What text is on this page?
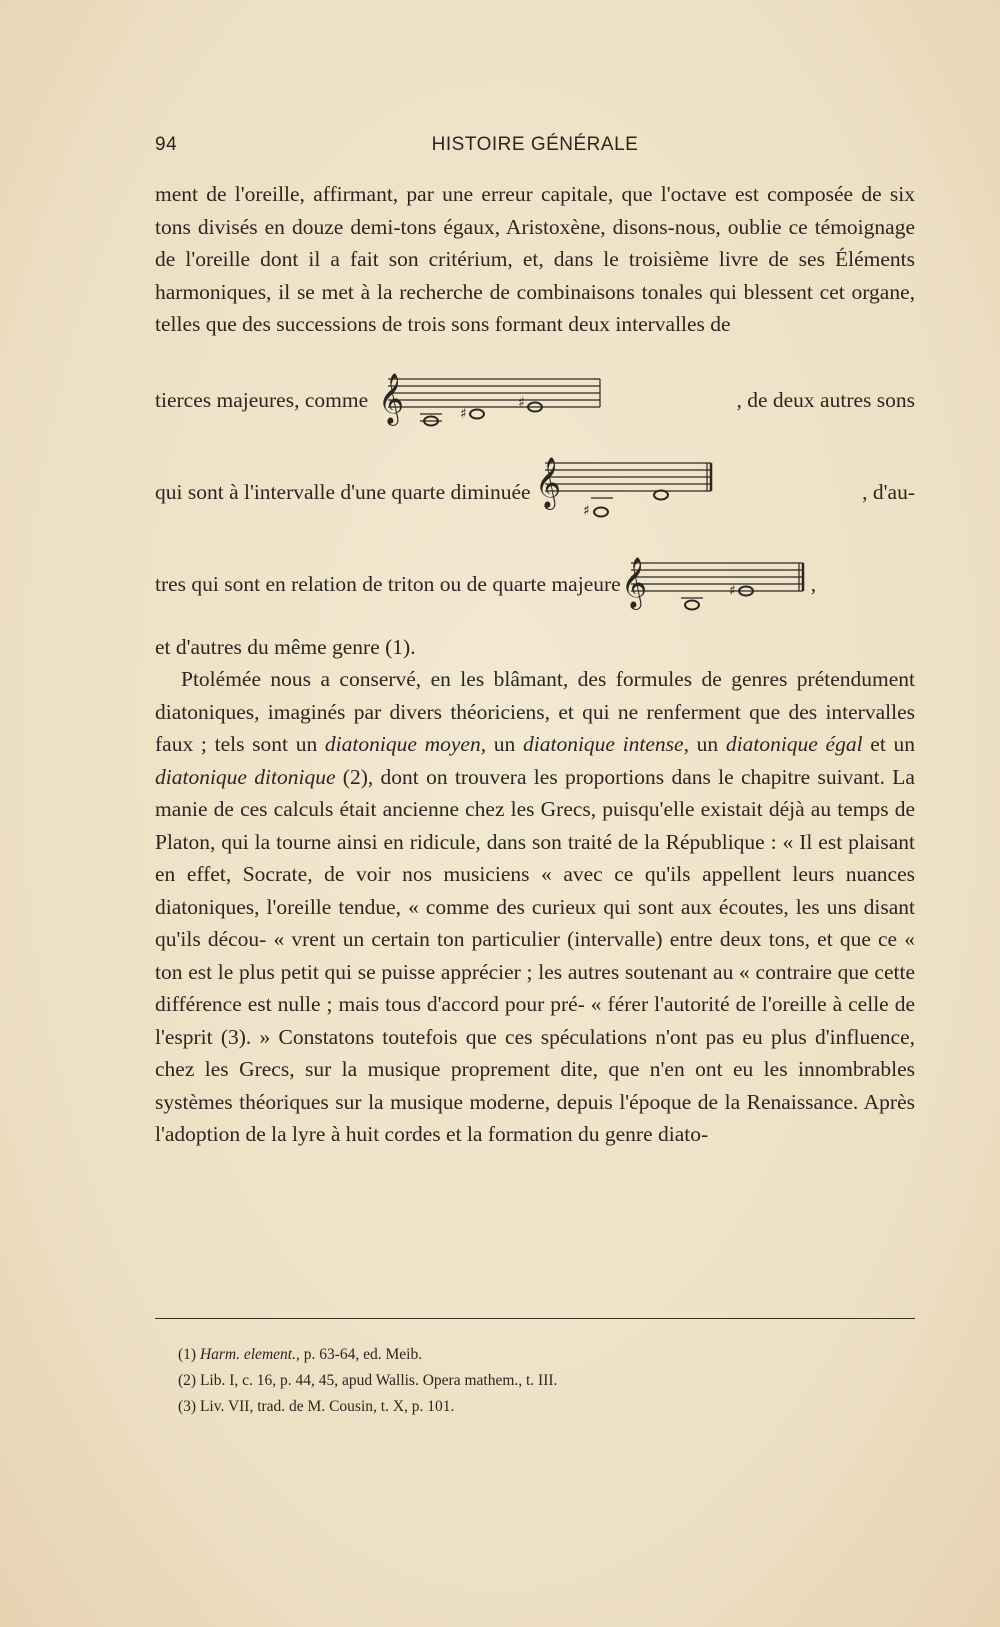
94	HISTOIRE GÉNÉRALE

ment de l'oreille, affirmant, par une erreur capitale, que l'octave est composée de six tons divisés en douze demi-tons égaux, Aristoxène, disons-nous, oublie ce témoignage de l'oreille dont il a fait son critérium, et, dans le troisième livre de ses Éléments harmoniques, il se met à la recherche de combinaisons tonales qui blessent cet organe, telles que des successions de trois sons formant deux intervalles de

tierces majeures, comme 𝄞	♯
♯	, de deux autres sons
qui sont à l'intervalle d'une quarte diminuée 𝄞
♯
, d'au-
tres qui sont en relation de triton ou de quarte majeure 𝄞	♯	,

et d'autres du même genre (1).

Ptolémée nous a conservé, en les blâmant, des formules de genres prétendument diatoniques, imaginés par divers théoriciens, et qui ne renferment que des intervalles faux ; tels sont un diatonique moyen, un diatonique intense, un diatonique égal et un diatonique ditonique (2), dont on trouvera les proportions dans le chapitre suivant. La manie de ces calculs était ancienne chez les Grecs, puisqu'elle existait déjà au temps de Platon, qui la tourne ainsi en ridicule, dans son traité de la République : « Il est plaisant en effet, Socrate, de voir nos musiciens « avec ce qu'ils appellent leurs nuances diatoniques, l'oreille tendue, « comme des curieux qui sont aux écoutes, les uns disant qu'ils décou- « vrent un certain ton particulier (intervalle) entre deux tons, et que ce « ton est le plus petit qui se puisse apprécier ; les autres soutenant au « contraire que cette différence est nulle ; mais tous d'accord pour pré- « férer l'autorité de l'oreille à celle de l'esprit (3). » Constatons toutefois que ces spéculations n'ont pas eu plus d'influence, chez les Grecs, sur la musique proprement dite, que n'en ont eu les innombrables systèmes théoriques sur la musique moderne, depuis l'époque de la Renaissance. Après l'adoption de la lyre à huit cordes et la formation du genre diato-

(1) Harm. element., p. 63-64, ed. Meib.
(2) Lib. I, c. 16, p. 44, 45, apud Wallis. Opera mathem., t. III.
(3) Liv. VII, trad. de M. Cousin, t. X, p. 101.
